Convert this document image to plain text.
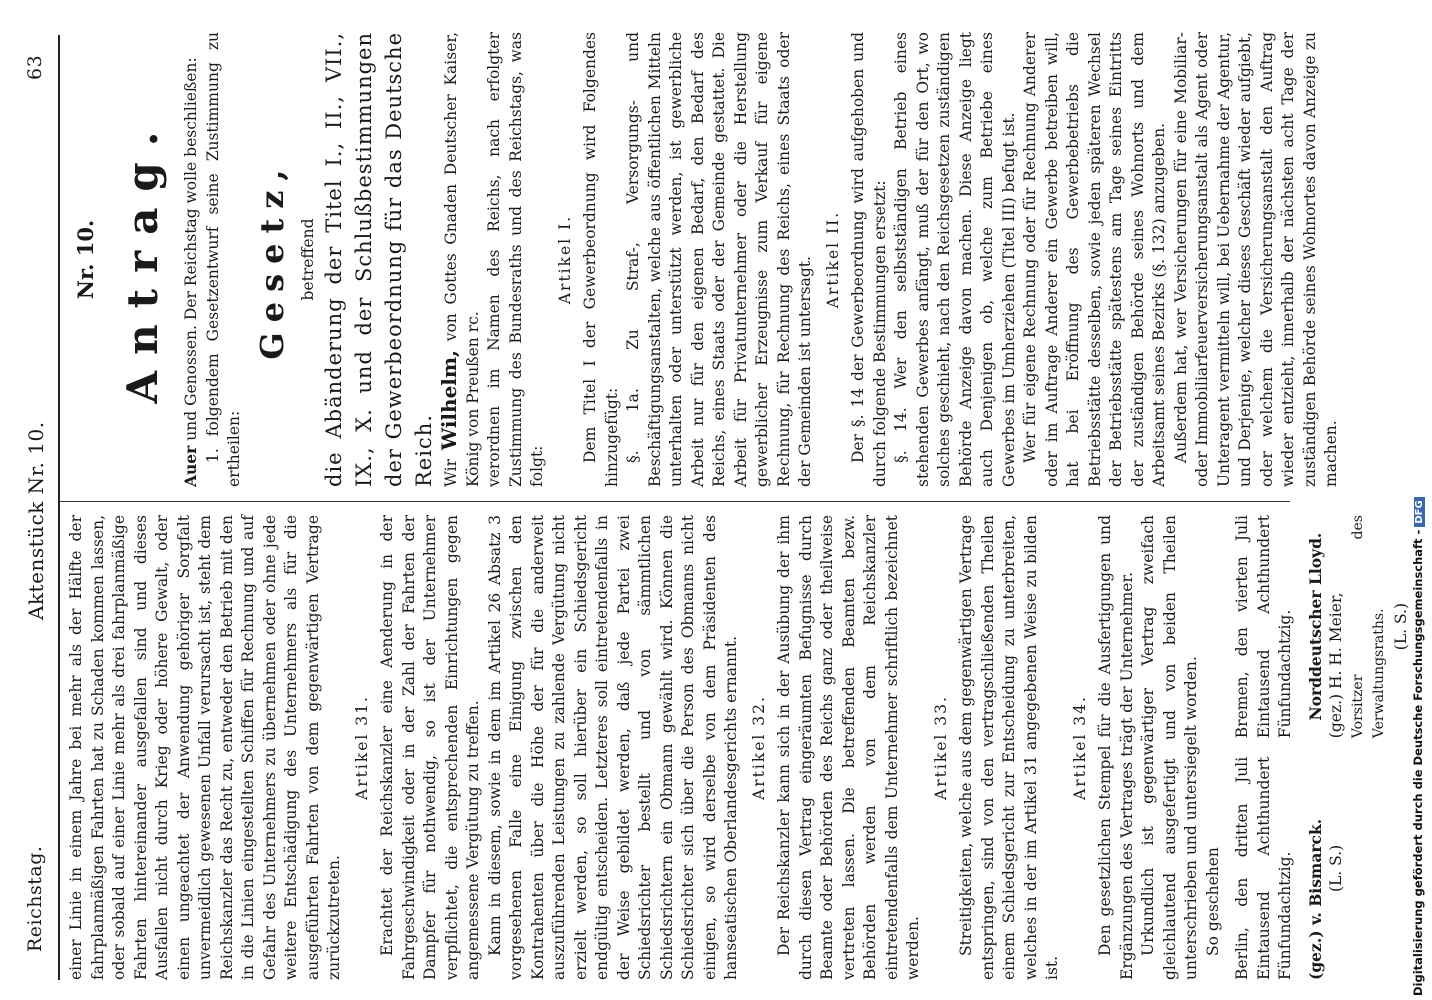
Reichstag.
Aktenstück Nr. 10.
63

einer Linie in einem Jahre bei mehr als der Hälfte der fahrplanmäßigen Fahrten hat zu Schaden kommen lassen, oder sobald auf einer Linie mehr als drei fahrplanmäßige Fahrten hintereinander ausgefallen sind und dieses Ausfallen nicht durch Krieg oder höhere Gewalt, oder einen ungeachtet der Anwendung gehöriger Sorgfalt unvermeidlich gewesenen Unfall verursacht ist, steht dem Reichskanzler das Recht zu, entweder den Betrieb mit den in die Linien eingestellten Schiffen für Rechnung und auf Gefahr des Unternehmers zu übernehmen oder ohne jede weitere Entschädigung des Unternehmers als für die ausgeführten Fahrten von dem gegenwärtigen Vertrage zurückzutreten.

Artikel 31. Erachtet der Reichskanzler eine Aenderung in der Fahrgeschwindigkeit oder in der Zahl der Fahrten der Dampfer für nothwendig, so ist der Unternehmer verpflichtet, die entsprechenden Einrichtungen gegen angemessene Vergütung zu treffen. Kann in diesem, sowie in dem im Artikel 26 Absatz 3 vorgesehenen Falle eine Einigung zwischen den Kontrahenten über die Höhe der für die anderweit auszuführenden Leistungen zu zahlende Vergütung nicht erzielt werden, so soll hierüber ein Schiedsgericht endgültig entscheiden. Letzteres soll eintretendenfalls in der Weise gebildet werden, daß jede Partei zwei Schiedsrichter bestellt und von sämmtlichen Schiedsrichtern ein Obmann gewählt wird. Können die Schiedsrichter sich über die Person des Obmanns nicht einigen, so wird derselbe von dem Präsidenten des hanseatischen Oberlandesgerichts ernannt. Artikel 32. Der Reichskanzler kann sich in der Ausübung der ihm durch diesen Vertrag eingeräumten Befugnisse durch Beamte oder Behörden des Reichs ganz oder theilweise vertreten lassen. Die betreffenden Beamten bezw. Behörden werden von dem Reichskanzler eintretendenfalls dem Unternehmer schriftlich bezeichnet werden.

Artikel 33. Streitigkeiten, welche aus dem gegenwärtigen Vertrage entspringen, sind von den vertragschließenden Theilen einem Schiedsgericht zur Entscheidung zu unterbreiten, welches in der im Artikel 31 angegebenen Weise zu bilden ist.

Artikel 34. Den gesetzlichen Stempel für die Ausfertigungen und Ergänzungen des Vertrages trägt der Unternehmer. Urkundlich ist gegenwärtiger Vertrag zweifach gleichlautend ausgefertigt und von beiden Theilen unterschrieben und untersiegelt worden. So geschehen Berlin, den dritten Juli Eintausend Achthundert Fünfundachtzig.
Bremen, den vierten Juli Eintausend Achthundert Fünfundachtzig.

(gez.) v. Bismarck. (L. S.)

Norddeutscher Lloyd. (gez.) H. H. Meier, Vorsitzer des Verwaltungsraths. (L. S.)

Nr. 10. Antrag.

Auer und Genossen. Der Reichstag wolle beschließen: 1. folgendem Gesetzentwurf seine Zustimmung zu ertheilen:

Gesetz, betreffend die Abänderung der Titel I., II., VII., IX., X. und der Schlußbestimmungen der Gewerbeordnung für das Deutsche Reich. Wir Wilhelm, von Gottes Gnaden Deutscher Kaiser, König von Preußen rc. verordnen im Namen des Reichs, nach erfolgter Zustimmung des Bundesraths und des Reichstags, was folgt:

Artikel I. Dem Titel I der Gewerbeordnung wird Folgendes hinzugefügt: §. 1a. Zu Straf-, Versorgungs- und Beschäftigungsanstalten, welche aus öffentlichen Mitteln unterhalten oder unterstützt werden, ist gewerbliche Arbeit nur für den eigenen Bedarf, den Bedarf des Reichs, eines Staats oder der Gemeinde gestattet. Die Arbeit für Privatunternehmer oder die Herstellung gewerblicher Erzeugnisse zum Verkauf für eigene Rechnung, für Rechnung des Reichs, eines Staats oder der Gemeinden ist untersagt. Artikel II. Der §. 14 der Gewerbeordnung wird aufgehoben und durch folgende Bestimmungen ersetzt: §. 14. Wer den selbstständigen Betrieb eines stehenden Gewerbes anfängt, muß der für den Ort, wo solches geschieht, nach den Reichsgesetzen zuständigen Behörde Anzeige davon machen. Diese Anzeige liegt auch Denjenigen ob, welche zum Betriebe eines Gewerbes im Umherziehen (Titel III) befugt ist. Wer für eigene Rechnung oder für Rechnung Anderer oder im Auftrage Anderer ein Gewerbe betreiben will, hat bei Eröffnung des Gewerbebetriebs die Betriebsstätte desselben, sowie jeden späteren Wechsel der Betriebsstätte spätestens am Tage seines Eintritts der zuständigen Behörde seines Wohnorts und dem Arbeitsamt seines Bezirks (§. 132) anzugeben. Außerdem hat, wer Versicherungen für eine Mobiliar- oder Immobiliarfeuerversicherungsanstalt als Agent oder Unteragent vermitteln will, bei Uebernahme der Agentur, und Derjenige, welcher dieses Geschäft wieder aufgiebt, oder welchem die Versicherungsanstalt den Auftrag wieder entzieht, innerhalb der nächsten acht Tage der zuständigen Behörde seines Wohnortes davon Anzeige zu machen.

Digitalisierung gefördert durch die Deutsche Forschungsgemeinschaft -DFG
